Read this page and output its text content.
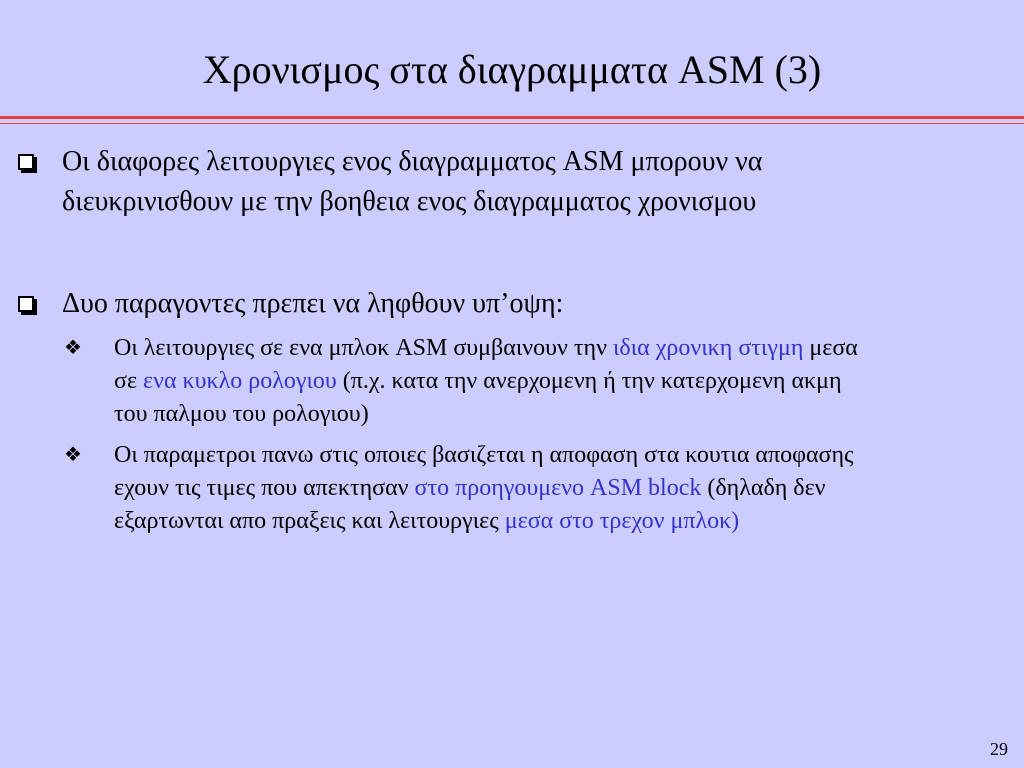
Χρονισμος στα διαγραμματα ASM (3)
Οι διαφορες λειτουργιες ενος διαγραμματος ASM μπορουν να
διευκρινισθουν με την βοηθεια ενος διαγραμματος χρονισμου
Δυο παραγοντες πρεπει να ληφθουν υπ’οψη:
❖ Οι λειτουργιες σε ενα μπλοκ ASM συμβαινουν την ιδια χρονικη στιγμη μεσα
σε ενα κυκλο ρολογιου (π.χ. κατα την ανερχομενη ή την κατερχομενη ακμη
του παλμου του ρολογιου)
❖ Οι παραμετροι πανω στις οποιες βασιζεται η αποφαση στα κουτια αποφασης
εχουν τις τιμες που απεκτησαν στο προηγουμενο ASM block (δηλαδη δεν
εξαρτωνται απο πραξεις και λειτουργιες μεσα στο τρεχον μπλοκ)
29
